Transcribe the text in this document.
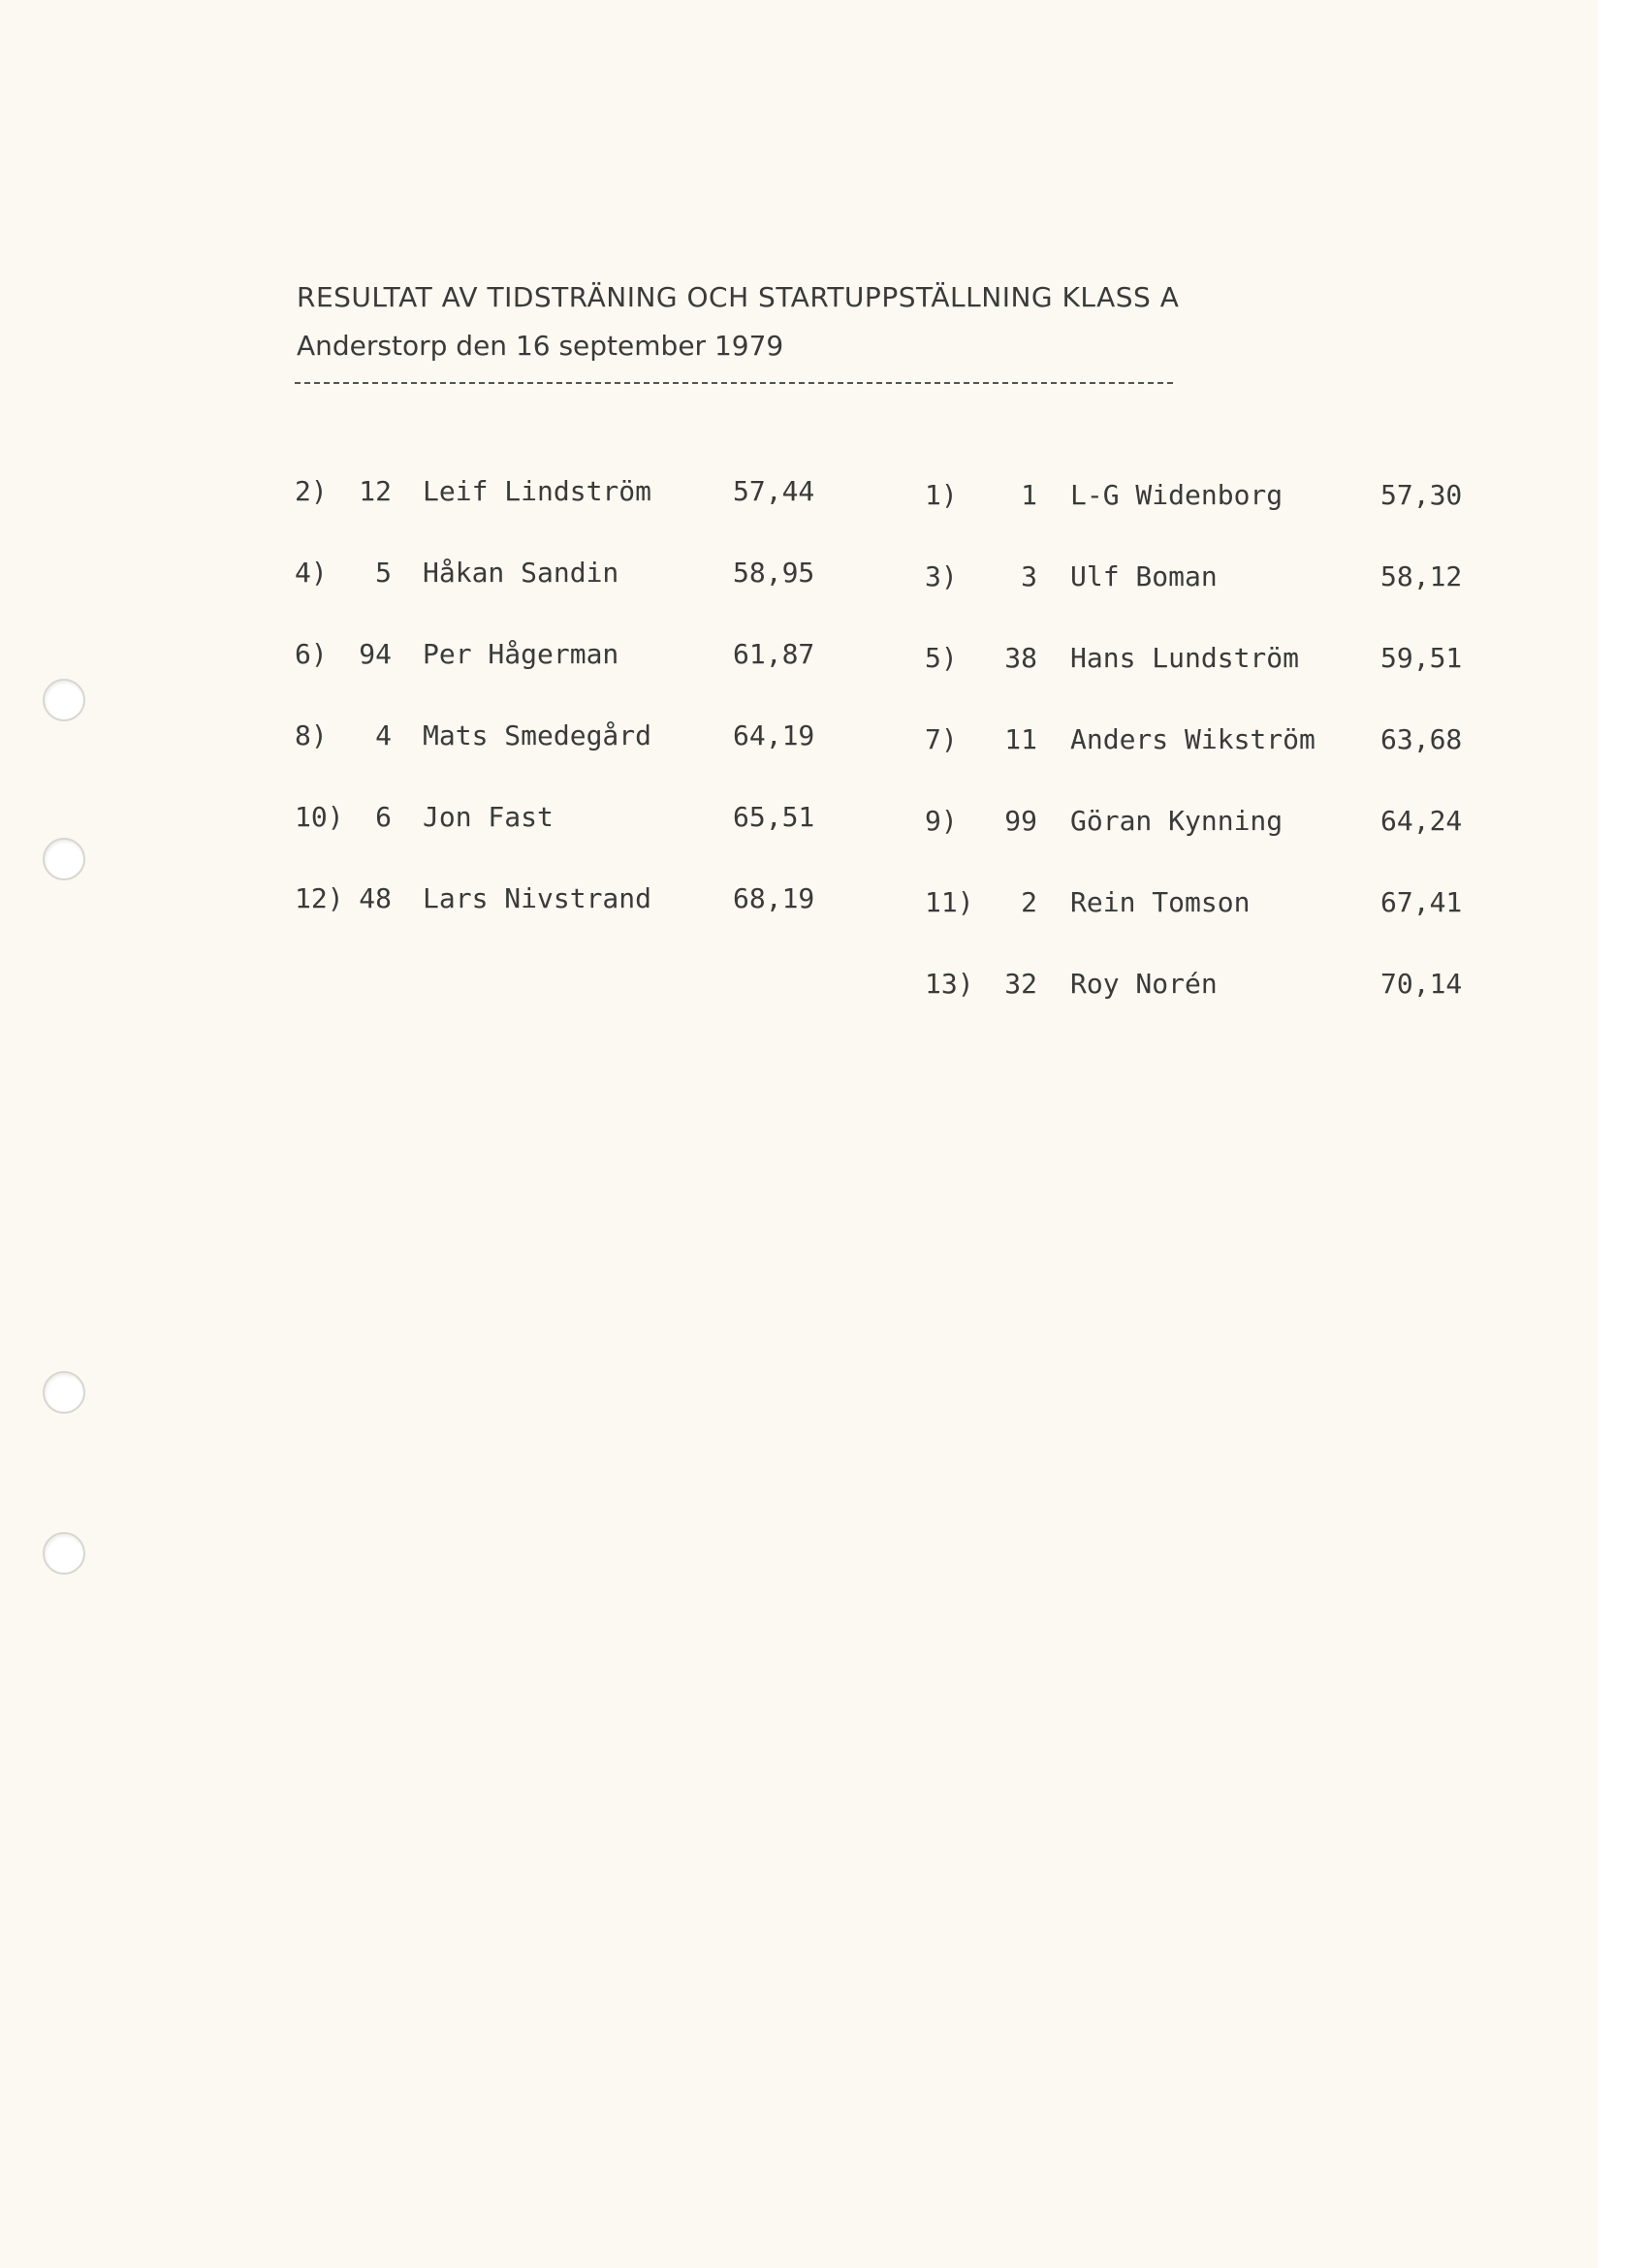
RESULTAT AV TIDSTRÄNING OCH STARTUPPSTÄLLNING KLASS A
Anderstorp den 16 september 1979
2)	12 Leif Lindström	57,44
4)	5 Håkan Sandin	58,95
6)	94 Per Hågerman	61,87
8)	4 Mats Smedegård	64,19
10)	6 Jon Fast	65,51
12) 48 Lars Nivstrand	68,19
1)	1 L-G Widenborg	57,30
3)	3 Ulf Boman	58,12
5)	38 Hans Lundström	59,51
7)	11 Anders Wikström	63,68
9)	99 Göran Kynning	64,24
11)	2 Rein Tomson	67,41
13)	32 Roy Norén	70,14
